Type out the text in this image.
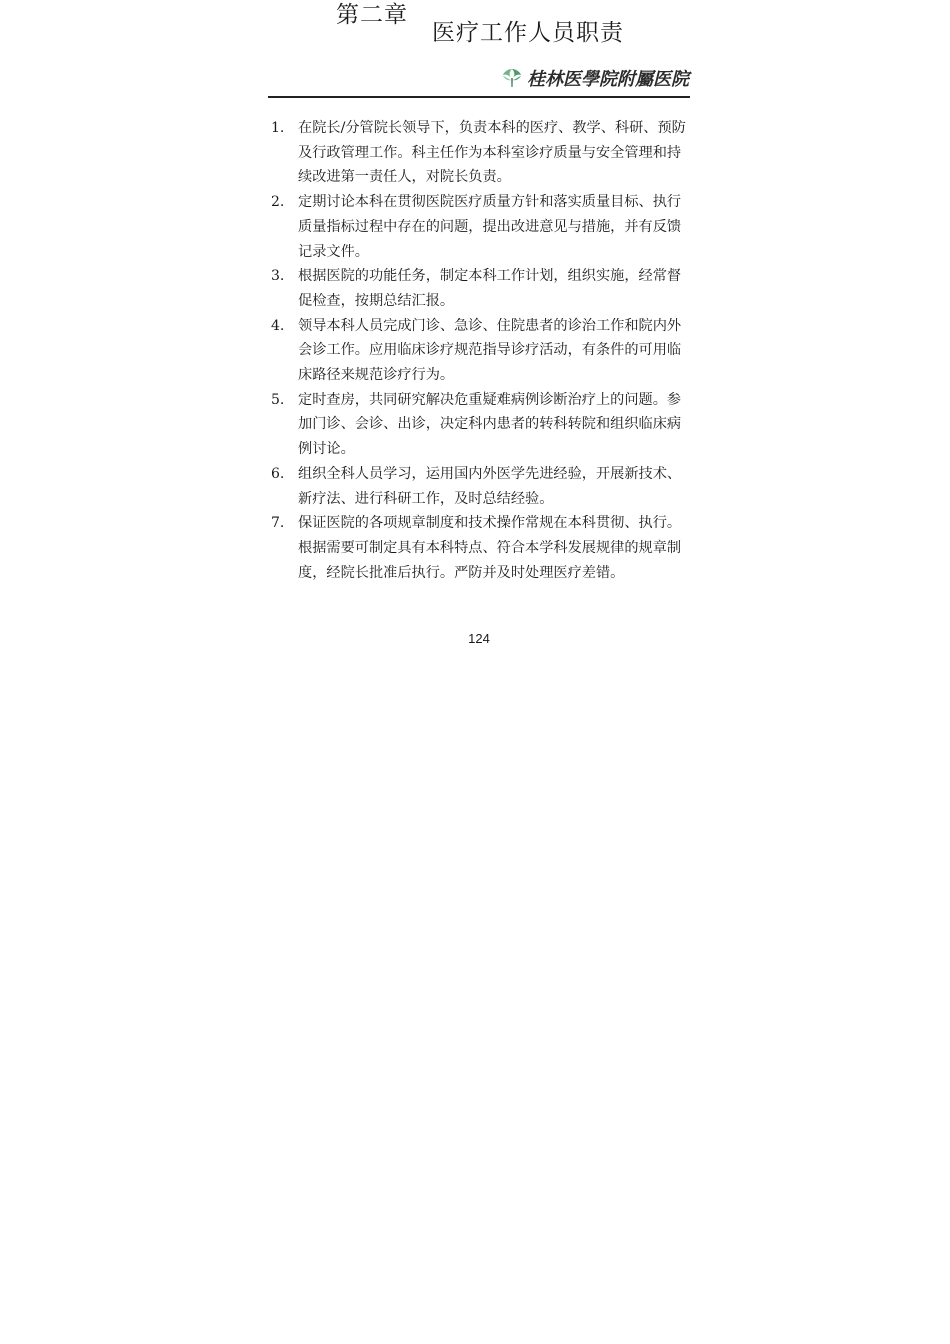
第二章
医疗工作人员职责
桂林医學院附屬医院
1. 在院长/分管院长领导下，负责本科的医疗、教学、科研、预防及行政管理工作。科主任作为本科室诊疗质量与安全管理和持续改进第一责任人，对院长负责。
2. 定期讨论本科在贯彻医院医疗质量方针和落实质量目标、执行质量指标过程中存在的问题，提出改进意见与措施，并有反馈记录文件。
3. 根据医院的功能任务，制定本科工作计划，组织实施，经常督促检查，按期总结汇报。
4. 领导本科人员完成门诊、急诊、住院患者的诊治工作和院内外会诊工作。应用临床诊疗规范指导诊疗活动，有条件的可用临床路径来规范诊疗行为。
5. 定时查房，共同研究解决危重疑难病例诊断治疗上的问题。参加门诊、会诊、出诊，决定科内患者的转科转院和组织临床病例讨论。
6. 组织全科人员学习，运用国内外医学先进经验，开展新技术、新疗法、进行科研工作，及时总结经验。
7. 保证医院的各项规章制度和技术操作常规在本科贯彻、执行。根据需要可制定具有本科特点、符合本学科发展规律的规章制度，经院长批准后执行。严防并及时处理医疗差错。
124
